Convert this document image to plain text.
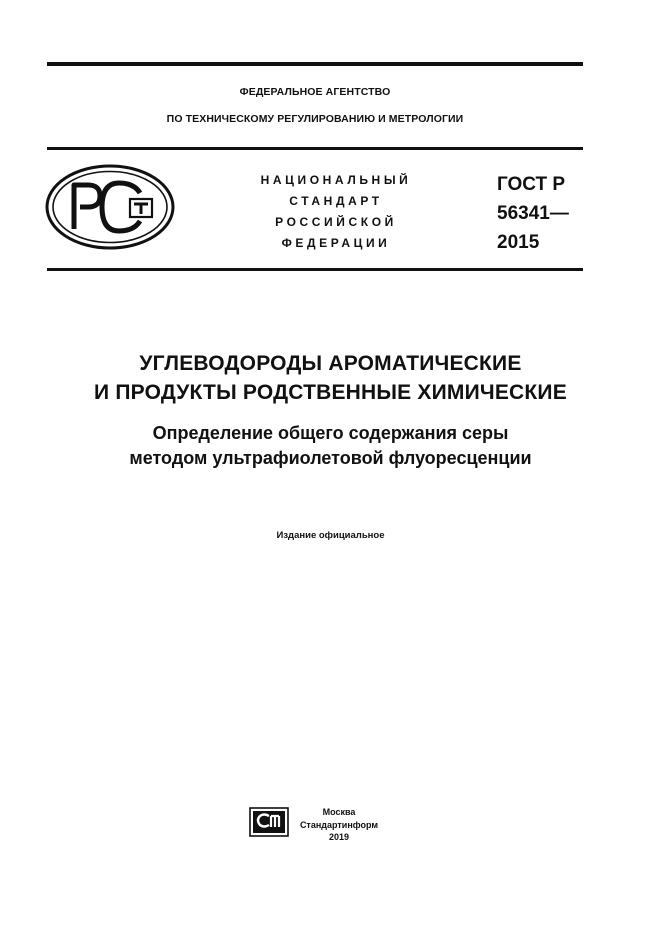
ФЕДЕРАЛЬНОЕ АГЕНТСТВО
ПО ТЕХНИЧЕСКОМУ РЕГУЛИРОВАНИЮ И МЕТРОЛОГИИ
НАЦИОНАЛЬНЫЙ
СТАНДАРТ
РОССИЙСКОЙ
ФЕДЕРАЦИИ
ГОСТ Р
56341—
2015
УГЛЕВОДОРОДЫ АРОМАТИЧЕСКИЕ
И ПРОДУКТЫ РОДСТВЕННЫЕ ХИМИЧЕСКИЕ
Определение общего содержания серы
методом ультрафиолетовой флуоресценции
Издание официальное
Москва
Стандартинформ
2019
